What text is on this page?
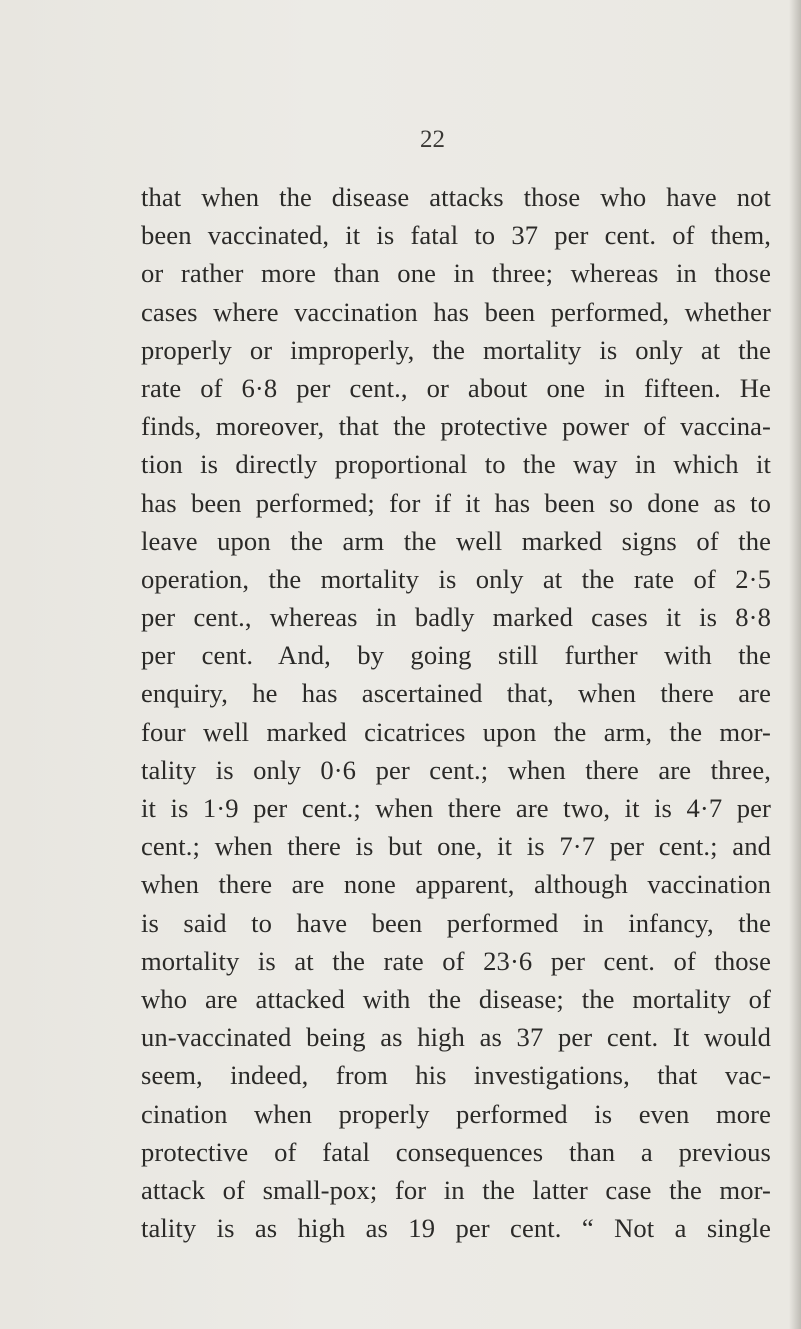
22
that when the disease attacks those who have not
been vaccinated, it is fatal to 37 per cent. of them,
or rather more than one in three; whereas in those
cases where vaccination has been performed, whether
properly or improperly, the mortality is only at the
rate of 6·8 per cent., or about one in fifteen. He
finds, moreover, that the protective power of vaccina-
tion is directly proportional to the way in which it
has been performed; for if it has been so done as to
leave upon the arm the well marked signs of the
operation, the mortality is only at the rate of 2·5
per cent., whereas in badly marked cases it is 8·8
per cent. And, by going still further with the
enquiry, he has ascertained that, when there are
four well marked cicatrices upon the arm, the mor-
tality is only 0·6 per cent.; when there are three,
it is 1·9 per cent.; when there are two, it is 4·7 per
cent.; when there is but one, it is 7·7 per cent.; and
when there are none apparent, although vaccination
is said to have been performed in infancy, the
mortality is at the rate of 23·6 per cent. of those
who are attacked with the disease; the mortality of
un-vaccinated being as high as 37 per cent. It would
seem, indeed, from his investigations, that vac-
cination when properly performed is even more
protective of fatal consequences than a previous
attack of small-pox; for in the latter case the mor-
tality is as high as 19 per cent. “ Not a single
